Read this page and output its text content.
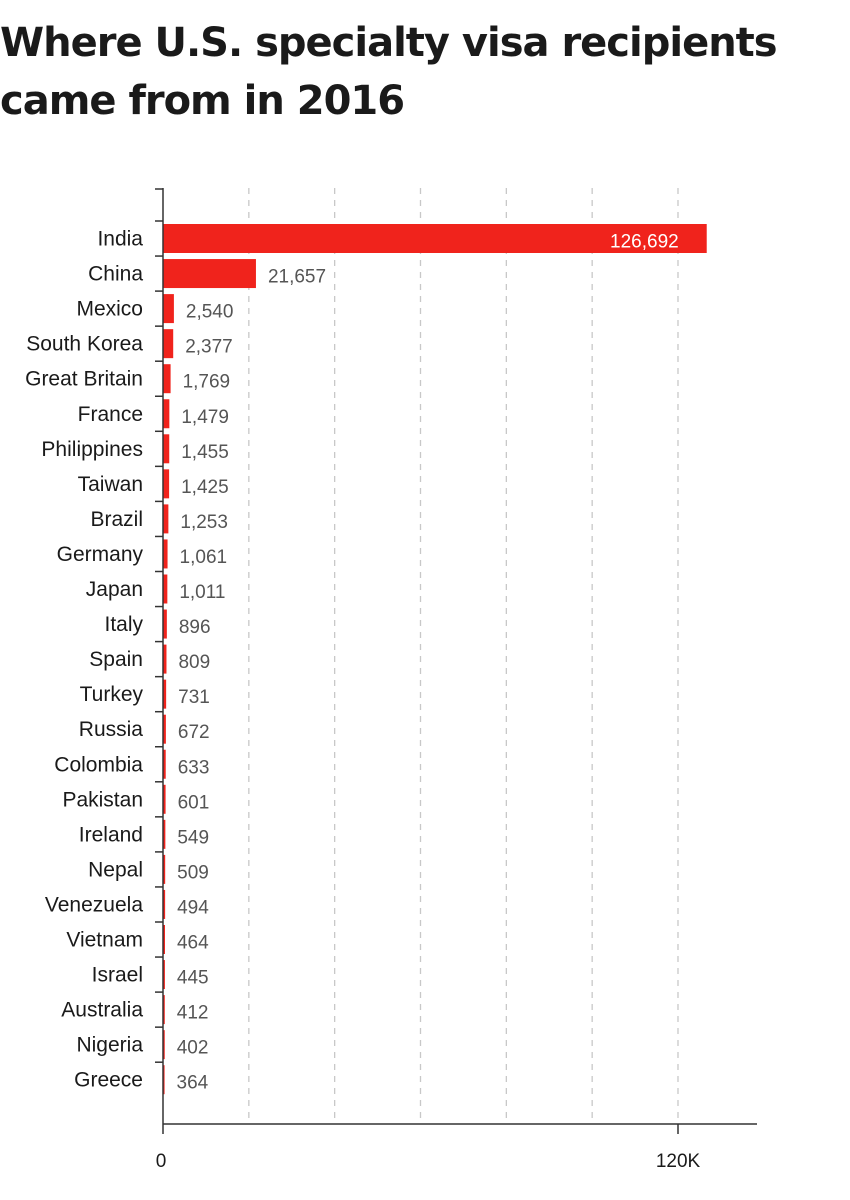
Where U.S. specialty visa recipients came from in 2016
India	126,692
China	21,657
Mexico 2,540
South Korea 2,377
Great Britain 1,769
France 1,479
Philippines 1,455
Taiwan 1,425
Brazil 1,253
Germany 1,061
Japan 1,011
Italy 896
Spain 809
Turkey 731
Russia 672
Colombia 633
Pakistan 601
Ireland 549
Nepal 509
Venezuela 494
Vietnam 464
Israel 445
Australia 412
Nigeria 402
Greece 364
0	120K
